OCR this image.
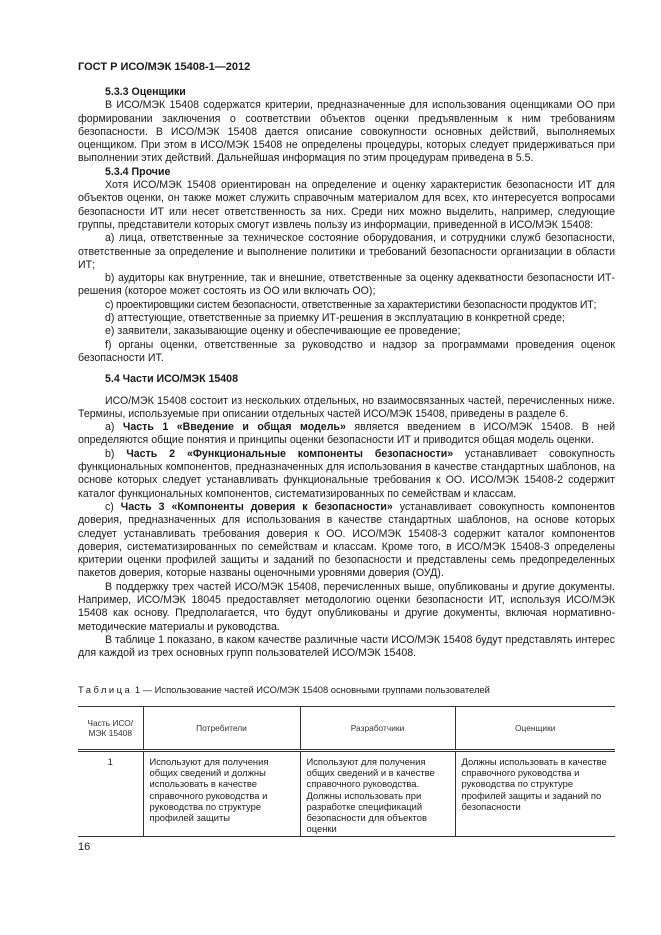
ГОСТ Р ИСО/МЭК 15408-1—2012

5.3.3 Оценщики

В ИСО/МЭК 15408 содержатся критерии, предназначенные для использования оценщиками ОО при формировании заключения о соответствии объектов оценки предъявленным к ним требованиям безопасности. В ИСО/МЭК 15408 дается описание совокупности основных действий, выполняемых оценщиком. При этом в ИСО/МЭК 15408 не определены процедуры, которых следует придерживаться при выполнении этих действий. Дальнейшая информация по этим процедурам приведена в 5.5.

5.3.4 Прочие

Хотя ИСО/МЭК 15408 ориентирован на определение и оценку характеристик безопасности ИТ для объектов оценки, он также может служить справочным материалом для всех, кто интересуется вопросами безопасности ИТ или несет ответственность за них. Среди них можно выделить, например, следующие группы, представители которых смогут извлечь пользу из информации, приведенной в ИСО/МЭК 15408:

a) лица, ответственные за техническое состояние оборудования, и сотрудники служб безопасности, ответственные за определение и выполнение политики и требований безопасности организации в области ИТ;

b) аудиторы как внутренние, так и внешние, ответственные за оценку адекватности безопасности ИТ-решения (которое может состоять из ОО или включать ОО);

c) проектировщики систем безопасности, ответственные за характеристики безопасности продуктов ИТ;

d) аттестующие, ответственные за приемку ИТ-решения в эксплуатацию в конкретной среде;

e) заявители, заказывающие оценку и обеспечивающие ее проведение;

f) органы оценки, ответственные за руководство и надзор за программами проведения оценок безопасности ИТ.

5.4 Части ИСО/МЭК 15408

ИСО/МЭК 15408 состоит из нескольких отдельных, но взаимосвязанных частей, перечисленных ниже. Термины, используемые при описании отдельных частей ИСО/МЭК 15408, приведены в разделе 6.

a) Часть 1 «Введение и общая модель» является введением в ИСО/МЭК 15408. В ней определяются общие понятия и принципы оценки безопасности ИТ и приводится общая модель оценки.

b) Часть 2 «Функциональные компоненты безопасности» устанавливает совокупность функциональных компонентов, предназначенных для использования в качестве стандартных шаблонов, на основе которых следует устанавливать функциональные требования к ОО. ИСО/МЭК 15408-2 содержит каталог функциональных компонентов, систематизированных по семействам и классам.

c) Часть 3 «Компоненты доверия к безопасности» устанавливает совокупность компонентов доверия, предназначенных для использования в качестве стандартных шаблонов, на основе которых следует устанавливать требования доверия к ОО. ИСО/МЭК 15408-3 содержит каталог компонентов доверия, систематизированных по семействам и классам. Кроме того, в ИСО/МЭК 15408-3 определены критерии оценки профилей защиты и заданий по безопасности и представлены семь предопределенных пакетов доверия, которые названы оценочными уровнями доверия (ОУД).

В поддержку трех частей ИСО/МЭК 15408, перечисленных выше, опубликованы и другие документы. Например, ИСО/МЭК 18045 предоставляет методологию оценки безопасности ИТ, используя ИСО/МЭК 15408 как основу. Предполагается, что будут опубликованы и другие документы, включая нормативно-методические материалы и руководства.

В таблице 1 показано, в каком качестве различные части ИСО/МЭК 15408 будут представлять интерес для каждой из трех основных групп пользователей ИСО/МЭК 15408.

Таблица 1 — Использование частей ИСО/МЭК 15408 основными группами пользователей
Часть ИСО/МЭК 15408	Потребители	Разработчики	Оценщики
1	Используют для получения общих сведений и должны использовать в качестве справочного руководства и руководства по структуре профилей защиты	Используют для получения общих сведений и в качестве справочного руководства. Должны использовать при разработке спецификаций безопасности для объектов оценки	Должны использовать в качестве справочного руководства и руководства по структуре профилей защиты и заданий по безопасности
16
